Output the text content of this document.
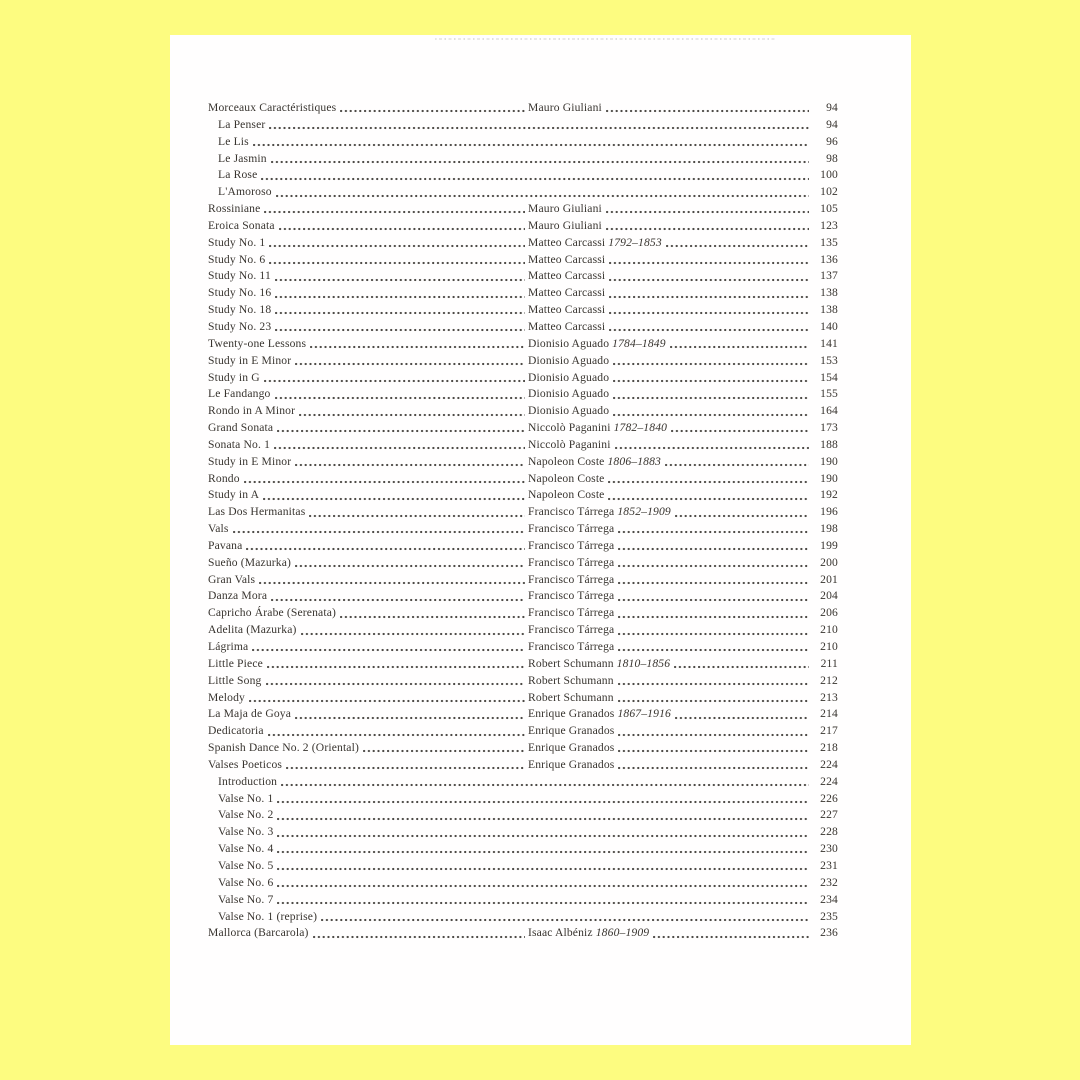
Morceaux Caractéristiques	Mauro Giuliani	94
La Penser	94
Le Lis	96
Le Jasmin	98
La Rose	100
L'Amoroso	102
Rossiniane	Mauro Giuliani	105
Eroica Sonata	Mauro Giuliani	123
Study No. 1	Matteo Carcassi 1792–1853	135
Study No. 6	Matteo Carcassi	136
Study No. 11	Matteo Carcassi	137
Study No. 16	Matteo Carcassi	138
Study No. 18	Matteo Carcassi	138
Study No. 23	Matteo Carcassi	140
Twenty-one Lessons	Dionisio Aguado 1784–1849	141
Study in E Minor	Dionisio Aguado	153
Study in G	Dionisio Aguado	154
Le Fandango	Dionisio Aguado	155
Rondo in A Minor	Dionisio Aguado	164
Grand Sonata	Niccolò Paganini 1782–1840	173
Sonata No. 1	Niccolò Paganini	188
Study in E Minor	Napoleon Coste 1806–1883	190
Rondo	Napoleon Coste	190
Study in A	Napoleon Coste	192
Las Dos Hermanitas	Francisco Tárrega 1852–1909	196
Vals	Francisco Tárrega	198
Pavana	Francisco Tárrega	199
Sueño (Mazurka)	Francisco Tárrega	200
Gran Vals	Francisco Tárrega	201
Danza Mora	Francisco Tárrega	204
Capricho Árabe (Serenata)	Francisco Tárrega	206
Adelita (Mazurka)	Francisco Tárrega	210
Lágrima	Francisco Tárrega	210
Little Piece	Robert Schumann 1810–1856	211
Little Song	Robert Schumann	212
Melody	Robert Schumann	213
La Maja de Goya	Enrique Granados 1867–1916	214
Dedicatoria	Enrique Granados	217
Spanish Dance No. 2 (Oriental)	Enrique Granados	218
Valses Poeticos	Enrique Granados	224
Introduction	224
Valse No. 1	226
Valse No. 2	227
Valse No. 3	228
Valse No. 4	230
Valse No. 5	231
Valse No. 6	232
Valse No. 7	234
Valse No. 1 (reprise)	235
Mallorca (Barcarola)	Isaac Albéniz 1860–1909	236
